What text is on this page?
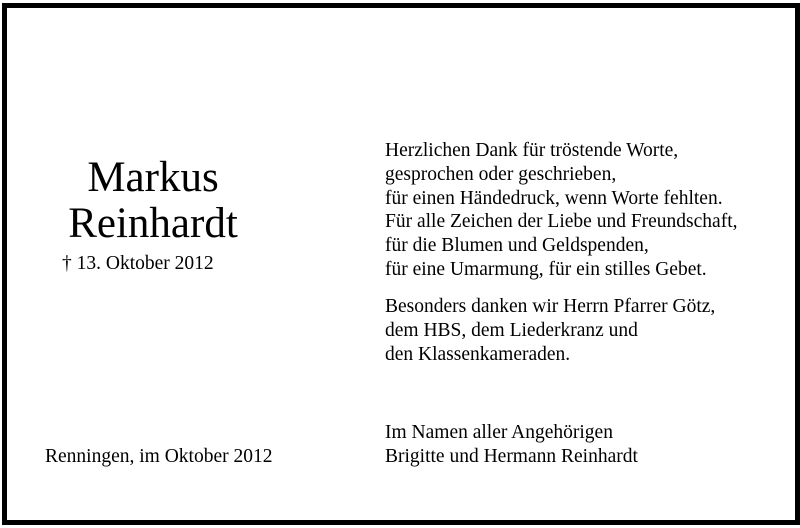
Markus
Reinhardt
† 13. Oktober 2012
Herzlichen Dank für tröstende Worte,
gesprochen oder geschrieben,
für einen Händedruck, wenn Worte fehlten.
Für alle Zeichen der Liebe und Freundschaft,
für die Blumen und Geldspenden,
für eine Umarmung, für ein stilles Gebet.
Besonders danken wir Herrn Pfarrer Götz,
dem HBS, dem Liederkranz und
den Klassenkameraden.
Renningen, im Oktober 2012
Im Namen aller Angehörigen
Brigitte und Hermann Reinhardt
